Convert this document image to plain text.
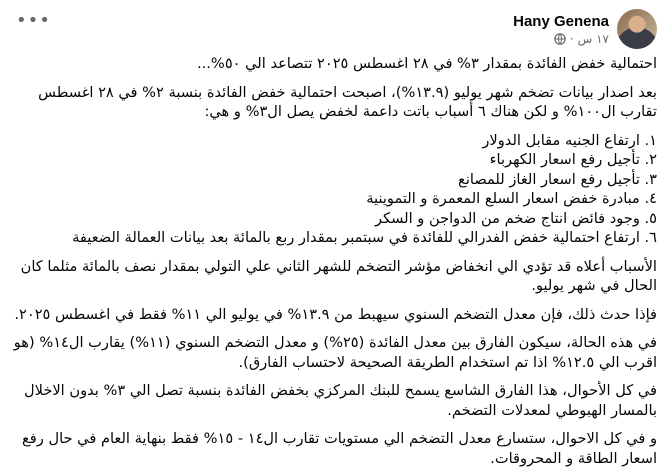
Hany Genena
١٧ س
·
•••

احتمالية خفض الفائدة بمقدار ٣% في ٢٨ اغسطس ٢٠٢٥ تتصاعد الي ٥٠%...

بعد اصدار بيانات تضخم شهر يوليو (١٣.٩%)، اصبحت احتمالية خفض الفائدة بنسبة ٢% في ٢٨ اغسطس تقارب ال١٠٠% و لكن هناك ٦ أسباب باتت داعمة لخفض يصل ال٣% و هي:

١. ارتفاع الجنيه مقابل الدولار
٢. تأجيل رفع اسعار الكهرباء
٣. تأجيل رفع اسعار الغاز للمصانع
٤. مبادرة خفض اسعار السلع المعمرة و التموينية
٥. وجود فائض انتاج ضخم من الدواجن و السكر
٦. ارتفاع احتمالية خفض الفدرالي للفائدة في سبتمبر بمقدار ربع بالمائة بعد بيانات العمالة الضعيفة

الأسباب أعلاه قد تؤدي الي انخفاض مؤشر التضخم للشهر الثاني علي التولي بمقدار نصف بالمائة مثلما كان الحال في شهر يوليو.

فإذا حدث ذلك، فإن معدل التضخم السنوي سيهبط من ١٣.٩% في يوليو الي ١١% فقط في اغسطس ٢٠٢٥.

في هذه الحالة، سيكون الفارق بين معدل الفائدة (٢٥%) و معدل التضخم السنوي (١١%) يقارب ال١٤% (هو اقرب الي ١٢.٥% اذا تم استخدام الطريقة الصحيحة لاحتساب الفارق).

في كل الأحوال، هذا الفارق الشاسع يسمح للبنك المركزي بخفض الفائدة بنسبة تصل الي ٣% بدون الاخلال بالمسار الهبوطي لمعدلات التضخم.

و في كل الاحوال، ستسارع معدل التضخم الي مستويات تقارب ال١٤ - ١٥% فقط بنهاية العام في حال رفع اسعار الطاقة و المحروقات.
